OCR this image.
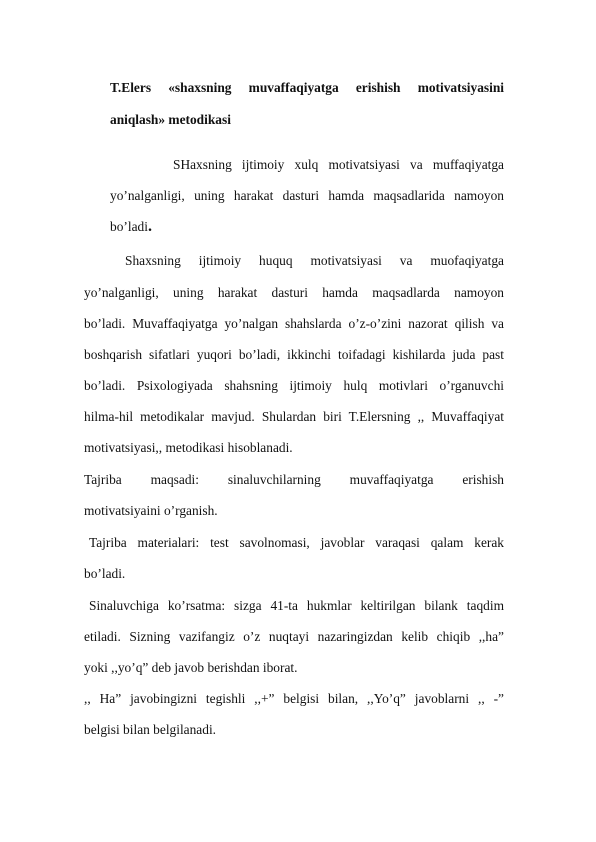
T.Elers «shaxsning muvaffaqiyatga erishish motivatsiyasini
aniqlash» metodikasi
SHaxsning ijtimoiy xulq motivatsiyasi va muffaqiyatga
yo’nalganligi, uning harakat dasturi hamda maqsadlarida namoyon
bo’ladi.
Shaxsning ijtimoiy huquq motivatsiyasi va muofaqiyatga
yo’nalganligi, uning harakat dasturi hamda maqsadlarda namoyon
bo’ladi. Muvaffaqiyatga yo’nalgan shahslarda o’z-o’zini nazorat qilish va
boshqarish sifatlari yuqori bo’ladi, ikkinchi toifadagi kishilarda juda past
bo’ladi. Psixologiyada shahsning ijtimoiy hulq motivlari o’rganuvchi
hilma-hil metodikalar mavjud. Shulardan biri T.Elersning ,, Muvaffaqiyat
motivatsiyasi,, metodikasi hisoblanadi.
Tajriba maqsadi: sinaluvchilarning muvaffaqiyatga erishish
motivatsiyaini o’rganish.
Tajriba materialari: test savolnomasi, javoblar varaqasi qalam kerak
bo’ladi.
Sinaluvchiga ko’rsatma: sizga 41-ta hukmlar keltirilgan bilank taqdim
etiladi. Sizning vazifangiz o’z nuqtayi nazaringizdan kelib chiqib ,,ha”
yoki ,,yo’q” deb javob berishdan iborat.
,, Ha” javobingizni tegishli ,,+” belgisi bilan, ,,Yo’q” javoblarni ,, -”
belgisi bilan belgilanadi.
